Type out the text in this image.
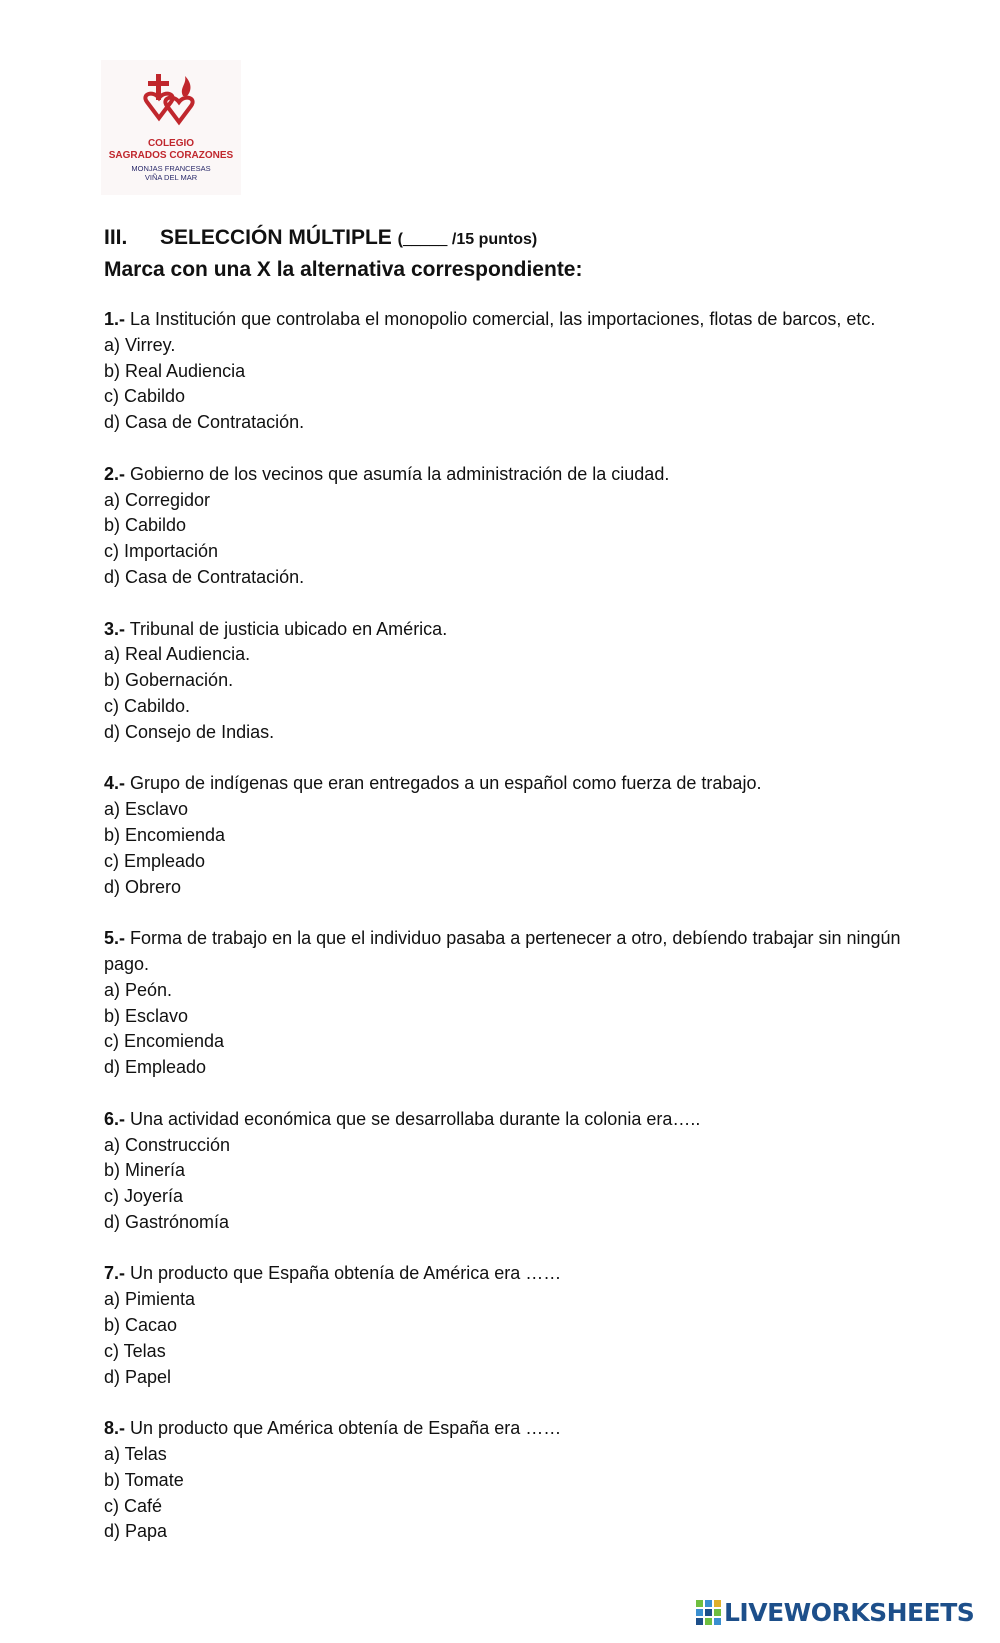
COLEGIO
SAGRADOS CORAZONES
MONJAS FRANCESAS
VIÑA DEL MAR
III. SELECCIÓN MÚLTIPLE (_____ /15 puntos)
Marca con una X la alternativa correspondiente:
1.- La Institución que controlaba el monopolio comercial, las importaciones, flotas de barcos, etc.
a) Virrey.
b) Real Audiencia
c) Cabildo
d) Casa de Contratación.
2.- Gobierno de los vecinos que asumía la administración de la ciudad.
a) Corregidor
b) Cabildo
c) Importación
d) Casa de Contratación.
3.- Tribunal de justicia ubicado en América.
a) Real Audiencia.
b) Gobernación.
c) Cabildo.
d) Consejo de Indias.
4.- Grupo de indígenas que eran entregados a un español como fuerza de trabajo.
a) Esclavo
b) Encomienda
c) Empleado
d) Obrero
5.- Forma de trabajo en la que el individuo pasaba a pertenecer a otro, debíendo trabajar sin ningún pago.
a) Peón.
b) Esclavo
c) Encomienda
d) Empleado
6.- Una actividad económica que se desarrollaba durante la colonia era…..
a) Construcción
b) Minería
c) Joyería
d) Gastrónomía
7.- Un producto que España obtenía de América era ……
a) Pimienta
b) Cacao
c) Telas
d) Papel
8.- Un producto que América obtenía de España era ……
a) Telas
b) Tomate
c) Café
d) Papa
LIVEWORKSHEETS
